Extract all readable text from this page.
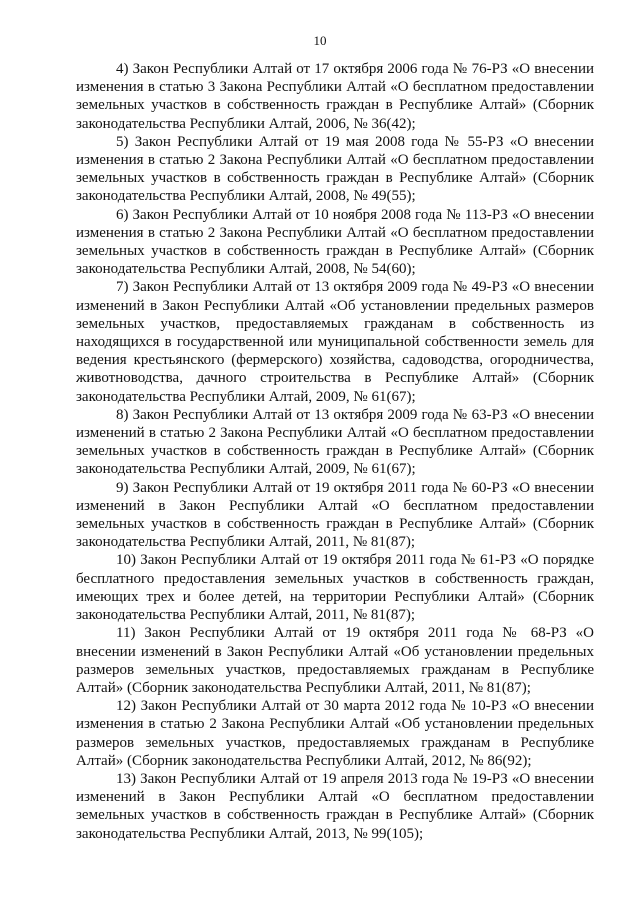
10

4) Закон Республики Алтай от 17 октября 2006 года № 76-РЗ «О внесении изменения в статью 3 Закона Республики Алтай «О бесплатном предоставлении земельных участков в собственность граждан в Республике Алтай» (Сборник законодательства Республики Алтай, 2006, № 36(42);

5) Закон Республики Алтай от 19 мая 2008 года № 55-РЗ «О внесении изменения в статью 2 Закона Республики Алтай «О бесплатном предоставлении земельных участков в собственность граждан в Республике Алтай» (Сборник законодательства Республики Алтай, 2008, № 49(55);

6) Закон Республики Алтай от 10 ноября 2008 года № 113-РЗ «О внесении изменения в статью 2 Закона Республики Алтай «О бесплатном предоставлении земельных участков в собственность граждан в Республике Алтай» (Сборник законодательства Республики Алтай, 2008, № 54(60);

7) Закон Республики Алтай от 13 октября 2009 года № 49-РЗ «О внесении изменений в Закон Республики Алтай «Об установлении предельных размеров земельных участков, предоставляемых гражданам в собственность из находящихся в государственной или муниципальной собственности земель для ведения крестьянского (фермерского) хозяйства, садоводства, огородничества, животноводства, дачного строительства в Республике Алтай» (Сборник законодательства Республики Алтай, 2009, № 61(67);

8) Закон Республики Алтай от 13 октября 2009 года № 63-РЗ «О внесении изменений в статью 2 Закона Республики Алтай «О бесплатном предоставлении земельных участков в собственность граждан в Республике Алтай» (Сборник законодательства Республики Алтай, 2009, № 61(67);

9) Закон Республики Алтай от 19 октября 2011 года № 60-РЗ «О внесении изменений в Закон Республики Алтай «О бесплатном предоставлении земельных участков в собственность граждан в Республике Алтай» (Сборник законодательства Республики Алтай, 2011, № 81(87);

10) Закон Республики Алтай от 19 октября 2011 года № 61-РЗ «О порядке бесплатного предоставления земельных участков в собственность граждан, имеющих трех и более детей, на территории Республики Алтай» (Сборник законодательства Республики Алтай, 2011, № 81(87);

11) Закон Республики Алтай от 19 октября 2011 года № 68-РЗ «О внесении изменений в Закон Республики Алтай «Об установлении предельных размеров земельных участков, предоставляемых гражданам в Республике Алтай» (Сборник законодательства Республики Алтай, 2011, № 81(87);

12) Закон Республики Алтай от 30 марта 2012 года № 10-РЗ «О внесении изменения в статью 2 Закона Республики Алтай «Об установлении предельных размеров земельных участков, предоставляемых гражданам в Республике Алтай» (Сборник законодательства Республики Алтай, 2012, № 86(92);

13) Закон Республики Алтай от 19 апреля 2013 года № 19-РЗ «О внесении изменений в Закон Республики Алтай «О бесплатном предоставлении земельных участков в собственность граждан в Республике Алтай» (Сборник законодательства Республики Алтай, 2013, № 99(105);
